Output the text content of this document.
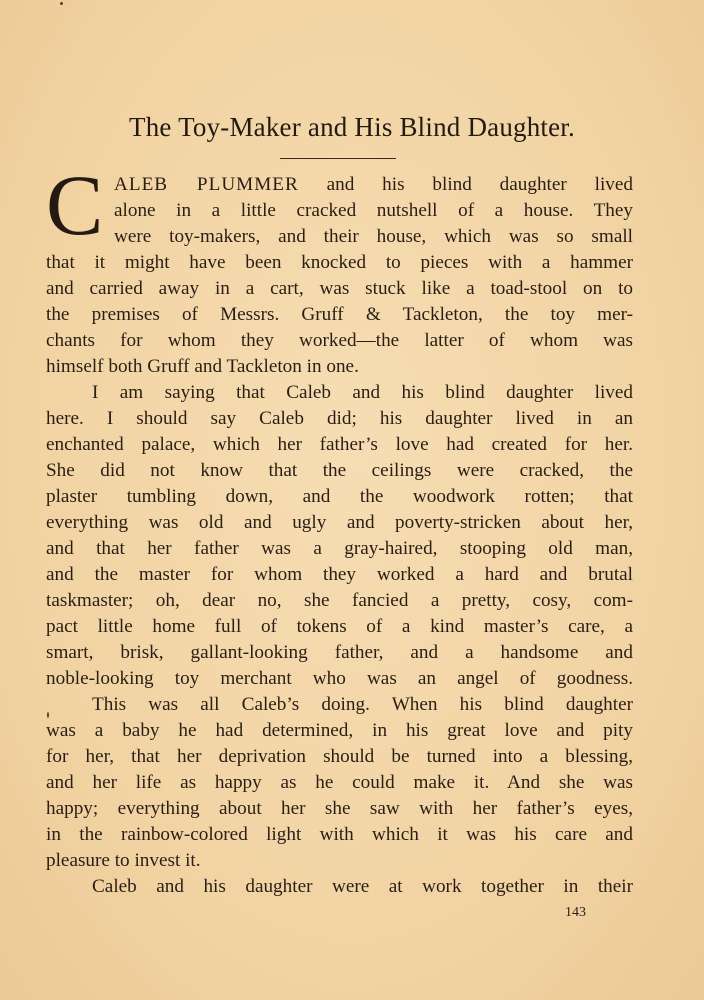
The Toy-Maker and His Blind Daughter.
C ALEB PLUMMER and his blind daughter lived
alone in a little cracked nutshell of a house. They
were toy-makers, and their house, which was so small
that it might have been knocked to pieces with a hammer
and carried away in a cart, was stuck like a toad-stool on to
the premises of Messrs. Gruff & Tackleton, the toy mer-
chants for whom they worked—the latter of whom was
himself both Gruff and Tackleton in one.
I am saying that Caleb and his blind daughter lived
here. I should say Caleb did; his daughter lived in an
enchanted palace, which her father’s love had created for her.
She did not know that the ceilings were cracked, the
plaster tumbling down, and the woodwork rotten; that
everything was old and ugly and poverty-stricken about her,
and that her father was a gray-haired, stooping old man,
and the master for whom they worked a hard and brutal
taskmaster; oh, dear no, she fancied a pretty, cosy, com-
pact little home full of tokens of a kind master’s care, a
smart, brisk, gallant-looking father, and a handsome and
noble-looking toy merchant who was an angel of goodness.
This was all Caleb’s doing. When his blind daughter
was a baby he had determined, in his great love and pity
for her, that her deprivation should be turned into a blessing,
and her life as happy as he could make it. And she was
happy; everything about her she saw with her father’s eyes,
in the rainbow-colored light with which it was his care and
pleasure to invest it.
Caleb and his daughter were at work together in their
143
